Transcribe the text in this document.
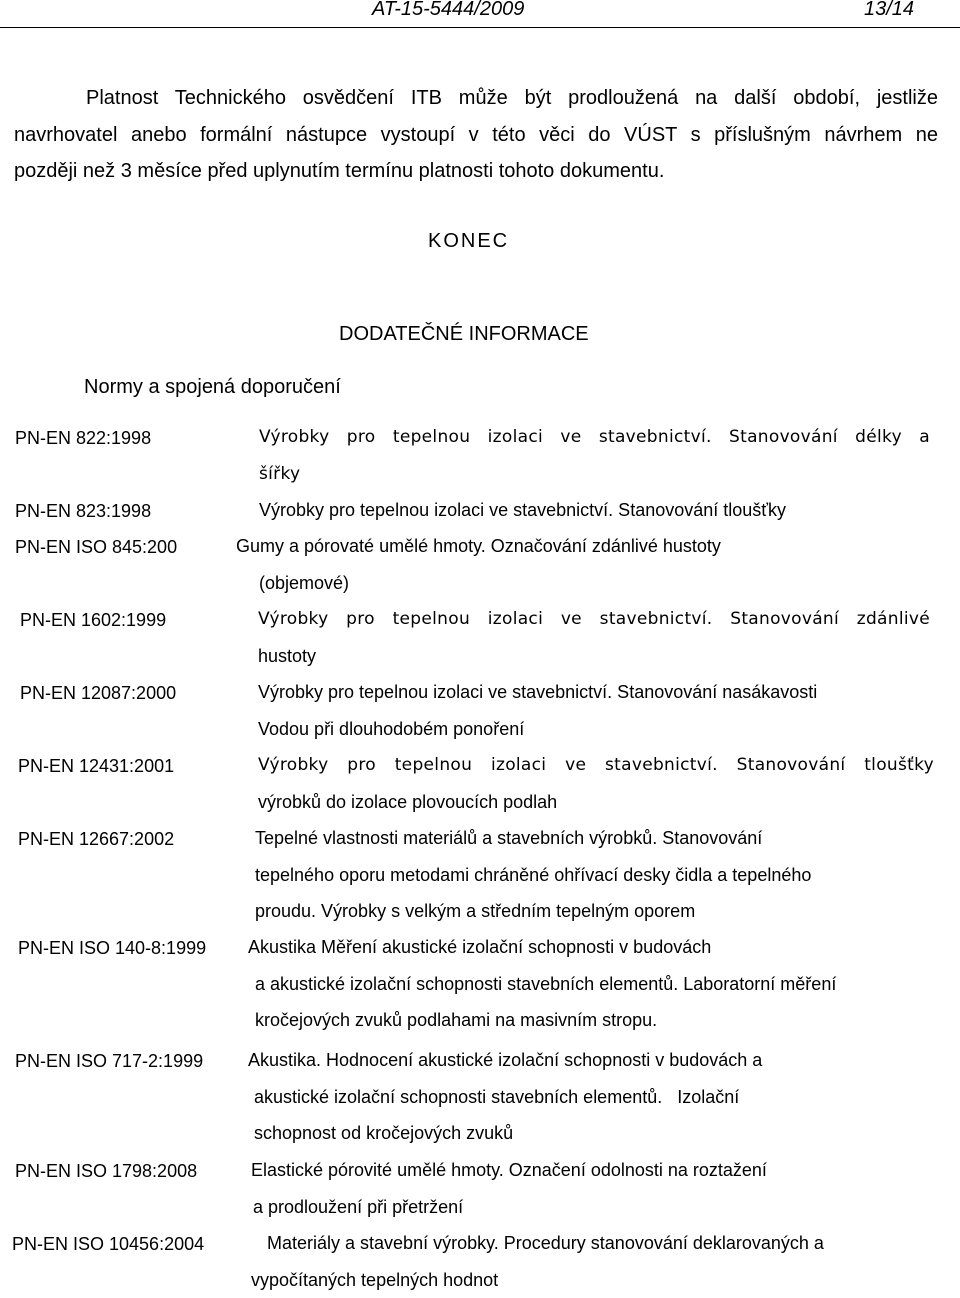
AT-15-5444/2009	13/14
Platnost Technického osvědčení ITB může být prodloužená na další období, jestliže
navrhovatel anebo formální nástupce vystoupí v této věci do VÚST s příslušným návrhem ne
později než 3 měsíce před uplynutím termínu platnosti tohoto dokumentu.
KONEC
DODATEČNÉ INFORMACE
Normy a spojená doporučení
PN-EN 822:1998	Výrobky pro tepelnou izolaci ve stavebnictví. Stanovování délky a
šířky
PN-EN 823:1998	Výrobky pro tepelnou izolaci ve stavebnictví. Stanovování tloušťky
PN-EN ISO 845:200	Gumy a pórovaté umělé hmoty. Označování zdánlivé hustoty
(objemové)
PN-EN 1602:1999	Výrobky pro tepelnou izolaci ve stavebnictví. Stanovování zdánlivé
hustoty
PN-EN 12087:2000	Výrobky pro tepelnou izolaci ve stavebnictví. Stanovování nasákavosti
Vodou při dlouhodobém ponoření
PN-EN 12431:2001	Výrobky pro tepelnou izolaci ve stavebnictví. Stanovování tloušťky
výrobků do izolace plovoucích podlah
PN-EN 12667:2002	Tepelné vlastnosti materiálů a stavebních výrobků. Stanovování
tepelného oporu metodami chráněné ohřívací desky čidla a tepelného
proudu. Výrobky s velkým a středním tepelným oporem
PN-EN ISO 140-8:1999 Akustika Měření akustické izolační schopnosti v budovách
a akustické izolační schopnosti stavebních elementů. Laboratorní měření
kročejových zvuků podlahami na masivním stropu.
PN-EN ISO 717-2:1999 Akustika. Hodnocení akustické izolační schopnosti v budovách a
akustické izolační schopnosti stavebních elementů.   Izolační
schopnost od kročejových zvuků
PN-EN ISO 1798:2008	Elastické pórovité umělé hmoty. Označení odolnosti na roztažení
a prodloužení při přetržení
PN-EN ISO 10456:2004	Materiály a stavební výrobky. Procedury stanovování deklarovaných a
vypočítaných tepelných hodnot
